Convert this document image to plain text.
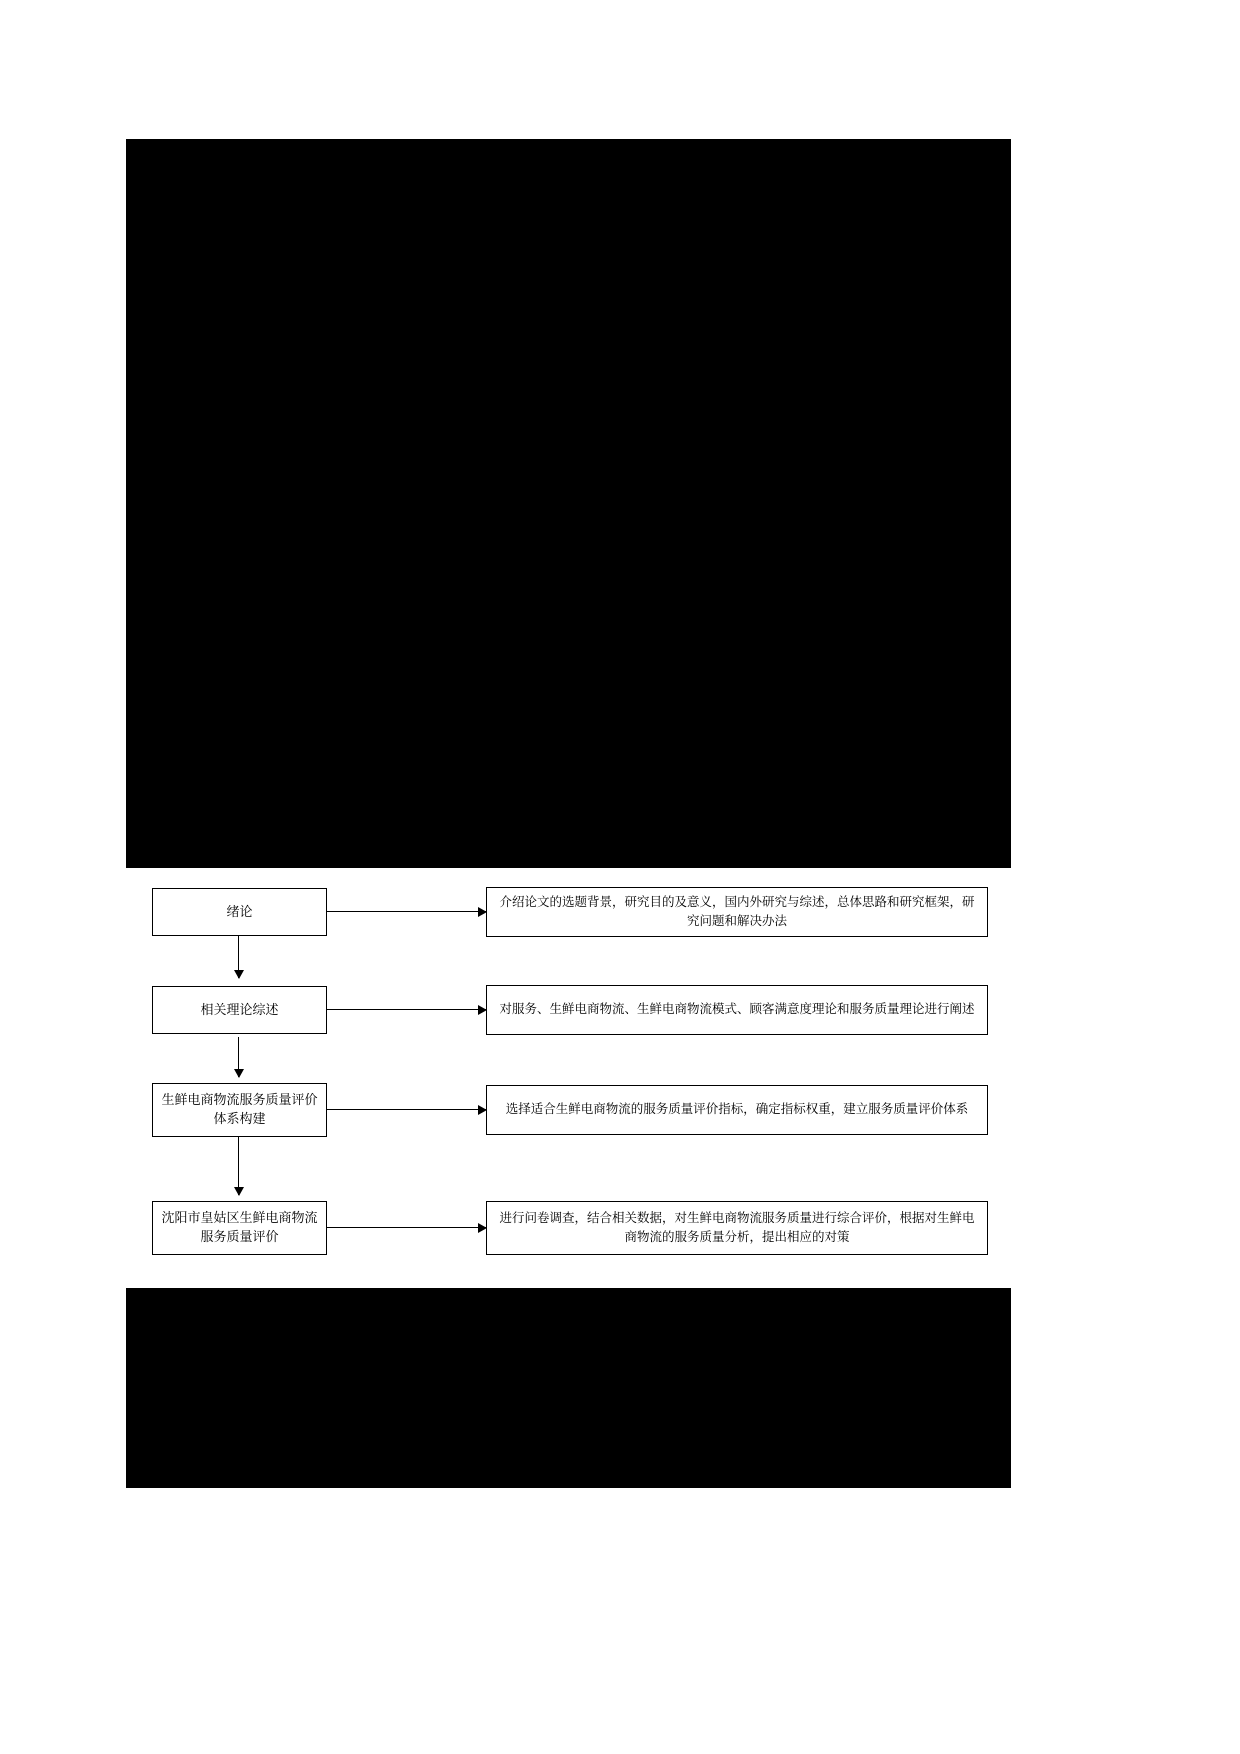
绪论
介绍论文的选题背景，研究目的及意义，国内外研究与综述，总体思路和研究框架，研究问题和解决办法
相关理论综述	对服务、生鲜电商物流、生鲜电商物流模式、顾客满意度理论和服务质量理论进行阐述
生鲜电商物流服务质量评价体系构建
选择适合生鲜电商物流的服务质量评价指标，确定指标权重，建立服务质量评价体系
沈阳市皇姑区生鲜电商物流服务质量评价
进行问卷调查，结合相关数据，对生鲜电商物流服务质量进行综合评价，根据对生鲜电商物流的服务质量分析，提出相应的对策
